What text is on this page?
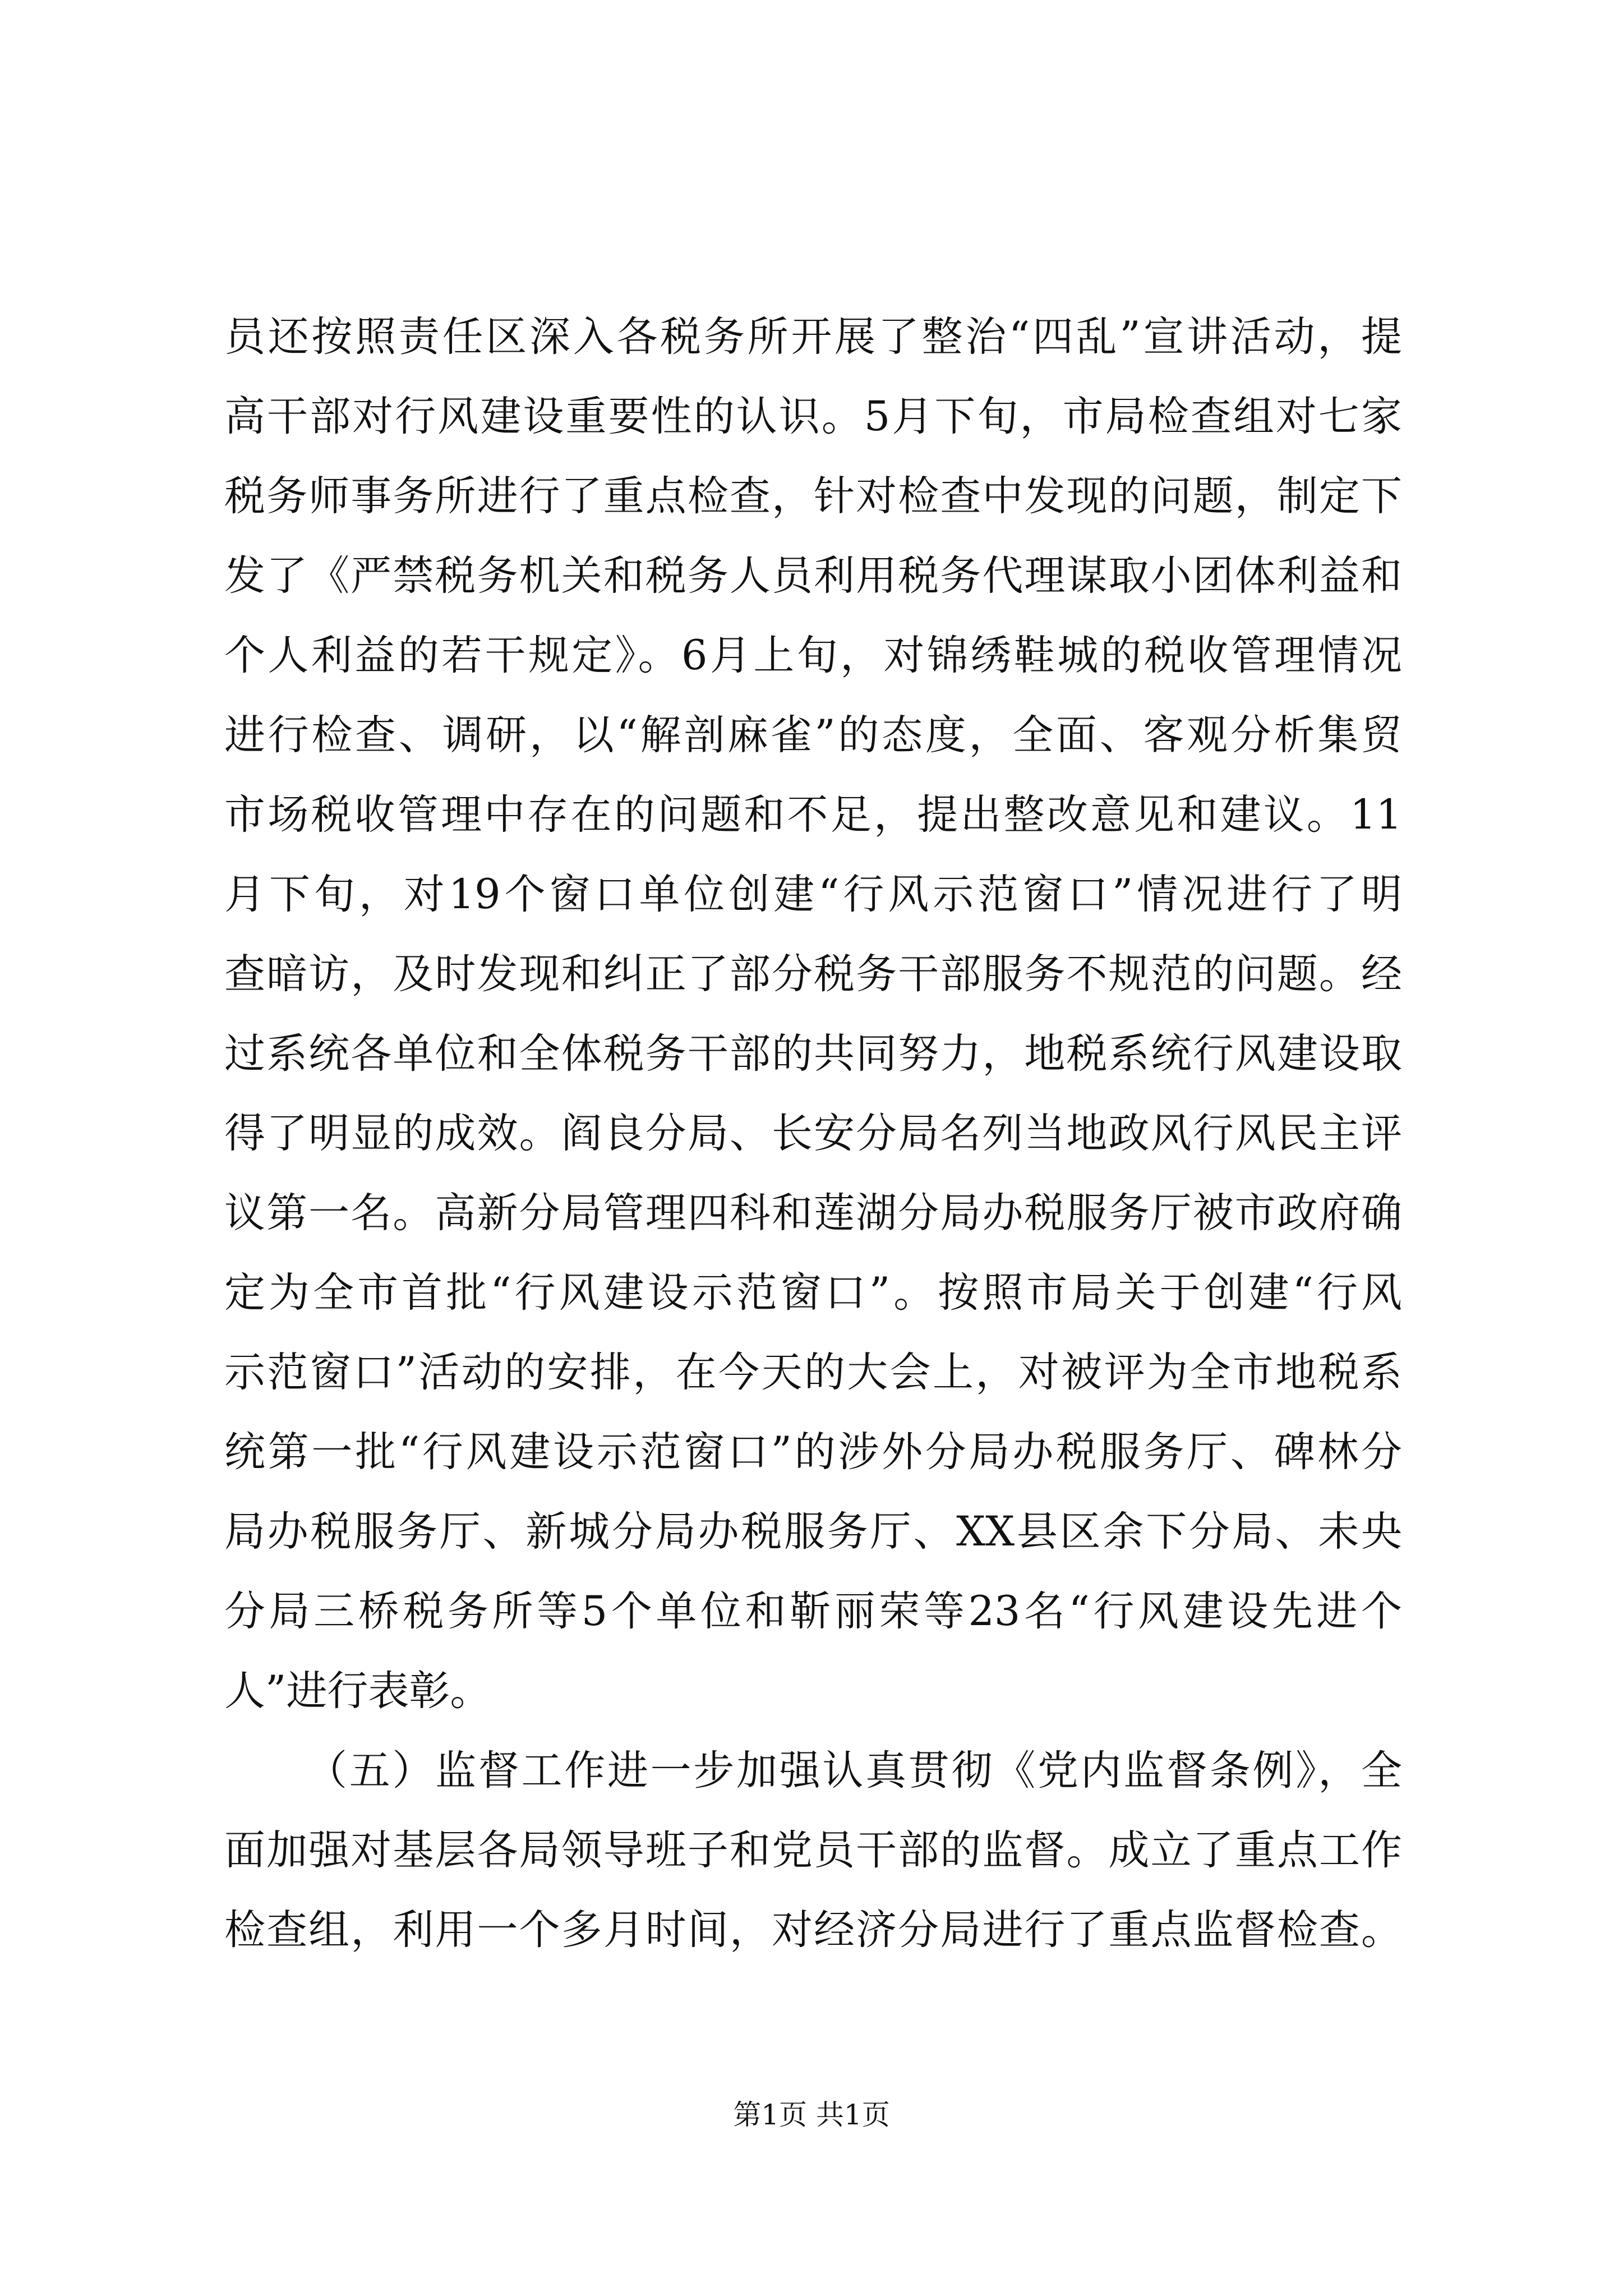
员还按照责任区深入各税务所开展了整治“四乱”宣讲活动，提
高干部对行风建设重要性的认识。5月下旬，市局检查组对七家
税务师事务所进行了重点检查，针对检查中发现的问题，制定下
发了《严禁税务机关和税务人员利用税务代理谋取小团体利益和
个人利益的若干规定》。6月上旬，对锦绣鞋城的税收管理情况
进行检查、调研，以“解剖麻雀”的态度，全面、客观分析集贸
市场税收管理中存在的问题和不足，提出整改意见和建议。11
月下旬，对19个窗口单位创建“行风示范窗口”情况进行了明
查暗访，及时发现和纠正了部分税务干部服务不规范的问题。经
过系统各单位和全体税务干部的共同努力，地税系统行风建设取
得了明显的成效。阎良分局、长安分局名列当地政风行风民主评
议第一名。高新分局管理四科和莲湖分局办税服务厅被市政府确
定为全市首批“行风建设示范窗口”。按照市局关于创建“行风
示范窗口”活动的安排，在今天的大会上，对被评为全市地税系
统第一批“行风建设示范窗口”的涉外分局办税服务厅、碑林分
局办税服务厅、新城分局办税服务厅、XX县区余下分局、未央
分局三桥税务所等5个单位和靳丽荣等23名“行风建设先进个
人”进行表彰。
（五）监督工作进一步加强认真贯彻《党内监督条例》，全
面加强对基层各局领导班子和党员干部的监督。成立了重点工作
检查组，利用一个多月时间，对经济分局进行了重点监督检查。
第1页 共1页
